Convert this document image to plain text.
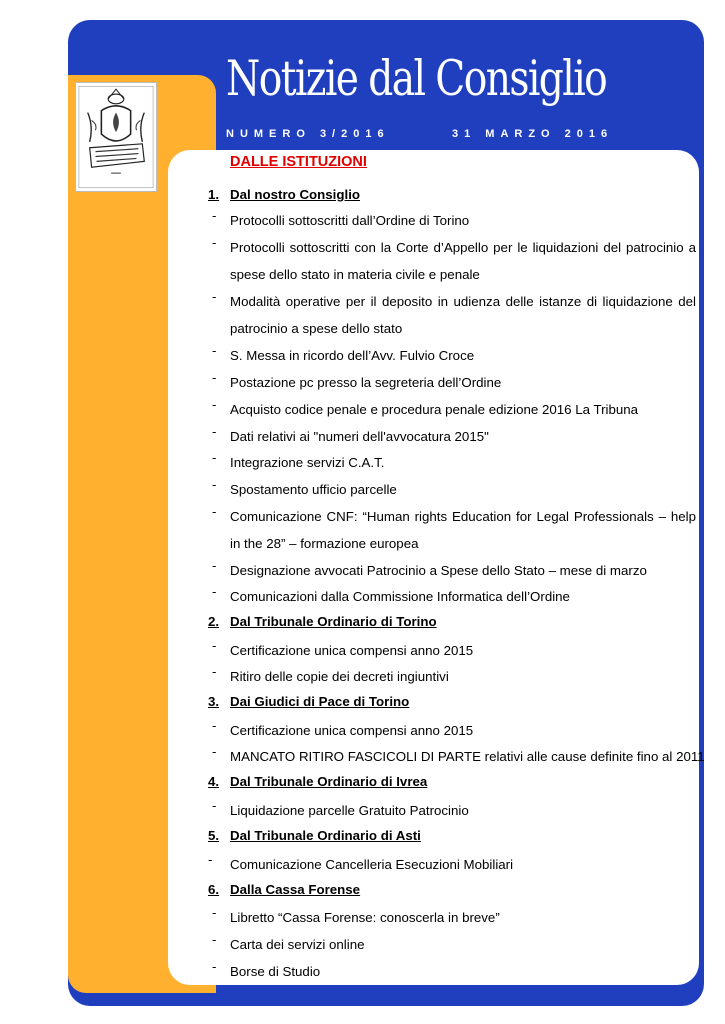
Notizie dal Consiglio
NUMERO 3/2016	31 MARZO 2016
DALLE ISTITUZIONI
1. Dal nostro Consiglio
- Protocolli sottoscritti dall’Ordine di Torino
- Protocolli sottoscritti con la Corte d’Appello per le liquidazioni del patrocinio a spese dello stato in materia civile e penale
- Modalità operative per il deposito in udienza delle istanze di liquidazione del patrocinio a spese dello stato
- S. Messa in ricordo dell’Avv. Fulvio Croce
- Postazione pc presso la segreteria dell’Ordine
- Acquisto codice penale e procedura penale edizione 2016 La Tribuna
- Dati relativi ai "numeri dell'avvocatura 2015"
- Integrazione servizi C.A.T.
- Spostamento ufficio parcelle
- Comunicazione CNF: “Human rights Education for Legal Professionals – help in the 28” – formazione europea
- Designazione avvocati Patrocinio a Spese dello Stato – mese di marzo
- Comunicazioni dalla Commissione Informatica dell’Ordine
2. Dal Tribunale Ordinario di Torino
- Certificazione unica compensi anno 2015
- Ritiro delle copie dei decreti ingiuntivi
3. Dai Giudici di Pace di Torino
- Certificazione unica compensi anno 2015
- MANCATO RITIRO FASCICOLI DI PARTE relativi alle cause definite fino al 2011
4. Dal Tribunale Ordinario di Ivrea
- Liquidazione parcelle Gratuito Patrocinio
5. Dal Tribunale Ordinario di Asti
- Comunicazione Cancelleria Esecuzioni Mobiliari
6. Dalla Cassa Forense
- Libretto “Cassa Forense: conoscerla in breve”
- Carta dei servizi online
- Borse di Studio
